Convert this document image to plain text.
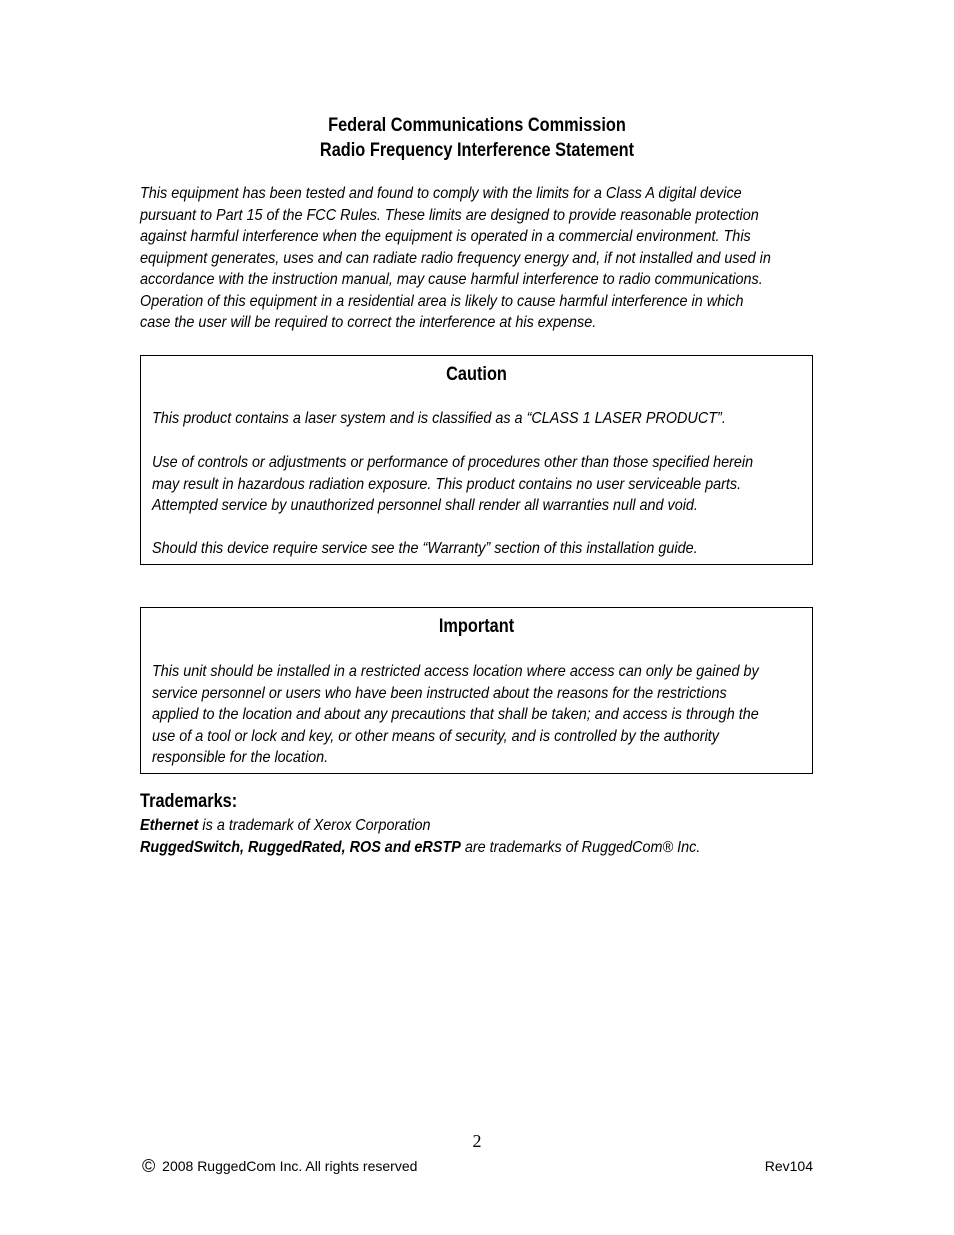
Federal Communications Commission
Radio Frequency Interference Statement
This equipment has been tested and found to comply with the limits for a Class A digital device
pursuant to Part 15 of the FCC Rules. These limits are designed to provide reasonable protection
against harmful interference when the equipment is operated in a commercial environment. This
equipment generates, uses and can radiate radio frequency energy and, if not installed and used in
accordance with the instruction manual, may cause harmful interference to radio communications.
Operation of this equipment in a residential area is likely to cause harmful interference in which
case the user will be required to correct the interference at his expense.
Caution
This product contains a laser system and is classified as a “CLASS 1 LASER PRODUCT”.
Use of controls or adjustments or performance of procedures other than those specified herein
may result in hazardous radiation exposure. This product contains no user serviceable parts.
Attempted service by unauthorized personnel shall render all warranties null and void.
Should this device require service see the “Warranty” section of this installation guide.
Important
This unit should be installed in a restricted access location where access can only be gained by
service personnel or users who have been instructed about the reasons for the restrictions
applied to the location and about any precautions that shall be taken; and access is through the
use of a tool or lock and key, or other means of security, and is controlled by the authority
responsible for the location.
Trademarks:
Ethernet is a trademark of Xerox Corporation
RuggedSwitch, RuggedRated, ROS and eRSTP are trademarks of RuggedCom® Inc.
2
© 2008 RuggedCom Inc. All rights reserved	Rev104
